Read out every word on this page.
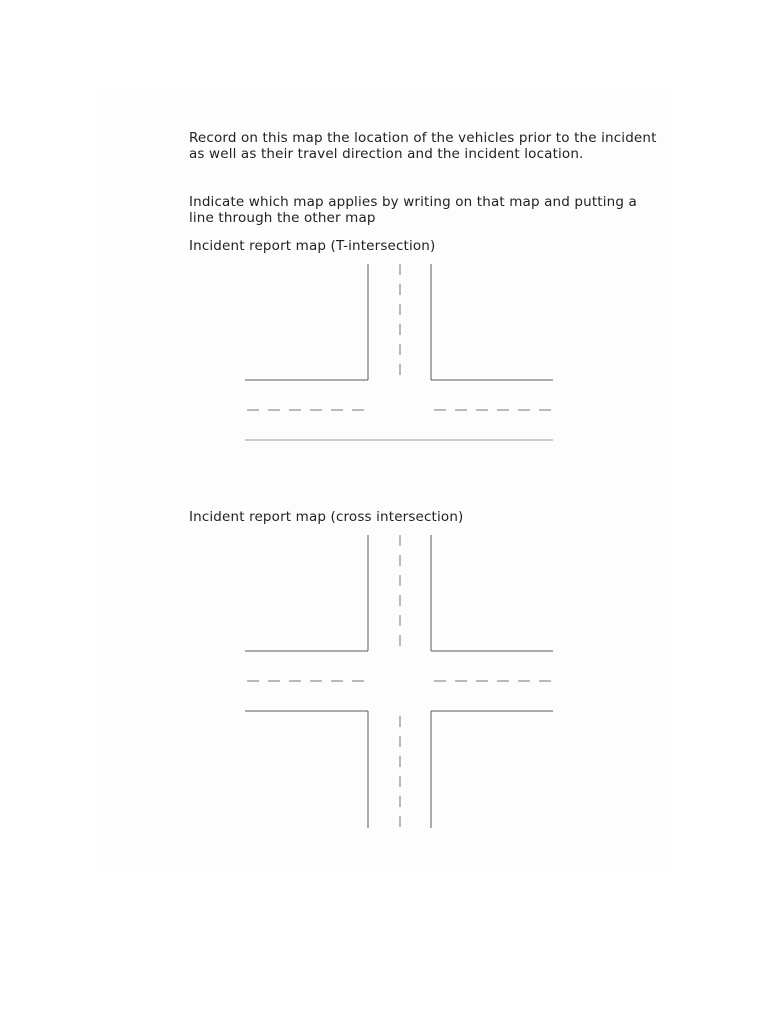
Record on this map the location of the vehicles prior to the incident as well as their travel direction and the incident location.

Indicate which map applies by writing on that map and putting a line through the other map

Incident report map (T-intersection)

Incident report map (cross intersection)
